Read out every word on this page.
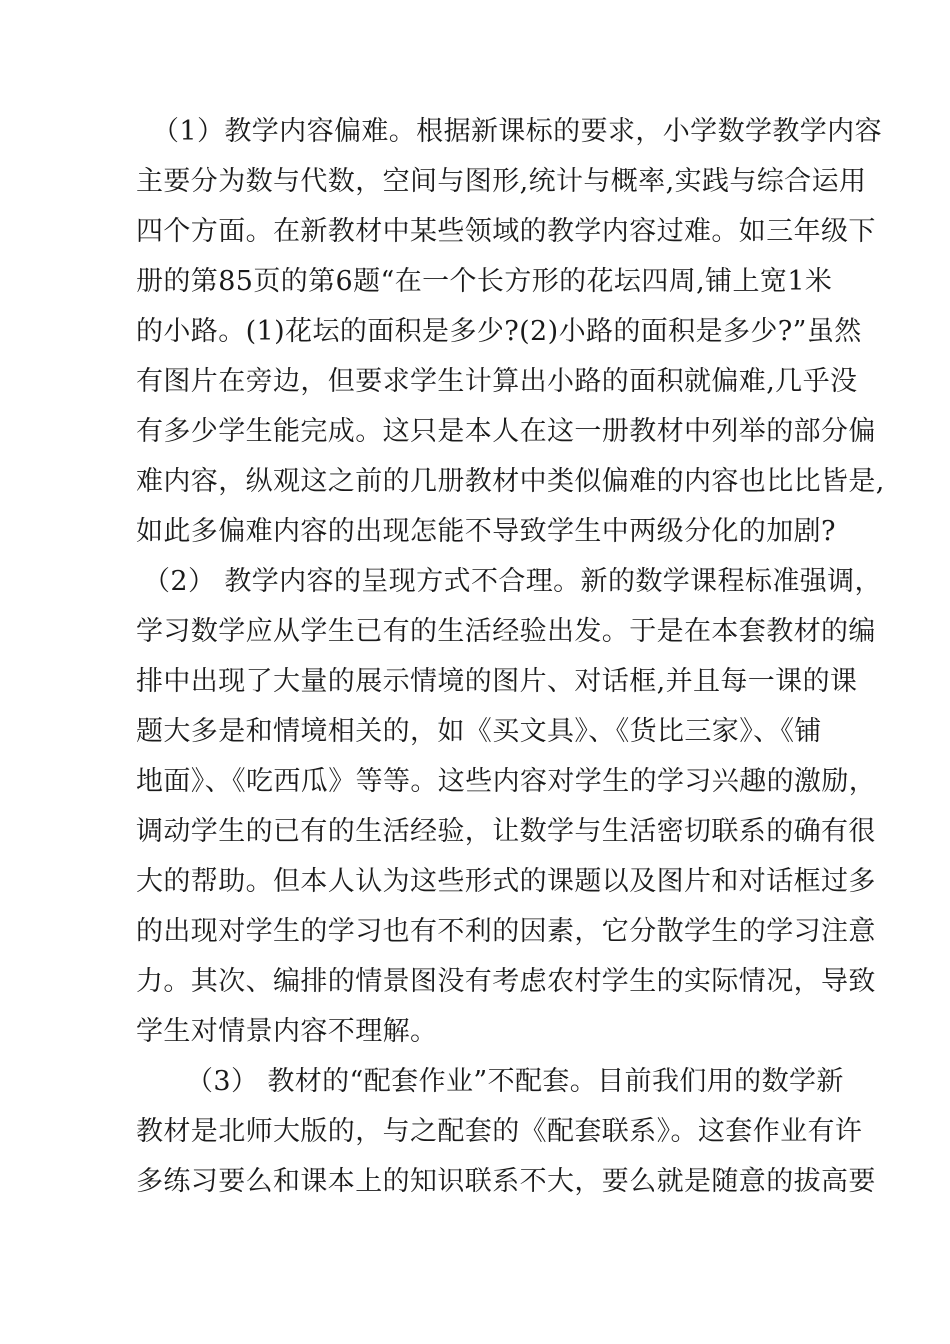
（1）教学内容偏难。根据新课标的要求，小学数学教学内容
主要分为数与代数，空间与图形,统计与概率,实践与综合运用
四个方面。在新教材中某些领域的教学内容过难。如三年级下
册的第85页的第6题“在一个长方形的花坛四周,铺上宽1米
的小路。(1)花坛的面积是多少?(2)小路的面积是多少?”虽然
有图片在旁边，但要求学生计算出小路的面积就偏难,几乎没
有多少学生能完成。这只是本人在这一册教材中列举的部分偏
难内容，纵观这之前的几册教材中类似偏难的内容也比比皆是,
如此多偏难内容的出现怎能不导致学生中两级分化的加剧?
（2） 教学内容的呈现方式不合理。新的数学课程标准强调，
学习数学应从学生已有的生活经验出发。于是在本套教材的编
排中出现了大量的展示情境的图片、对话框,并且每一课的课
题大多是和情境相关的，如《买文具》、《货比三家》、《铺
地面》、《吃西瓜》等等。这些内容对学生的学习兴趣的激励，
调动学生的已有的生活经验，让数学与生活密切联系的确有很
大的帮助。但本人认为这些形式的课题以及图片和对话框过多
的出现对学生的学习也有不利的因素，它分散学生的学习注意
力。其次、编排的情景图没有考虑农村学生的实际情况，导致
学生对情景内容不理解。
（3） 教材的“配套作业”不配套。目前我们用的数学新
教材是北师大版的，与之配套的《配套联系》。这套作业有许
多练习要么和课本上的知识联系不大，要么就是随意的拔高要
